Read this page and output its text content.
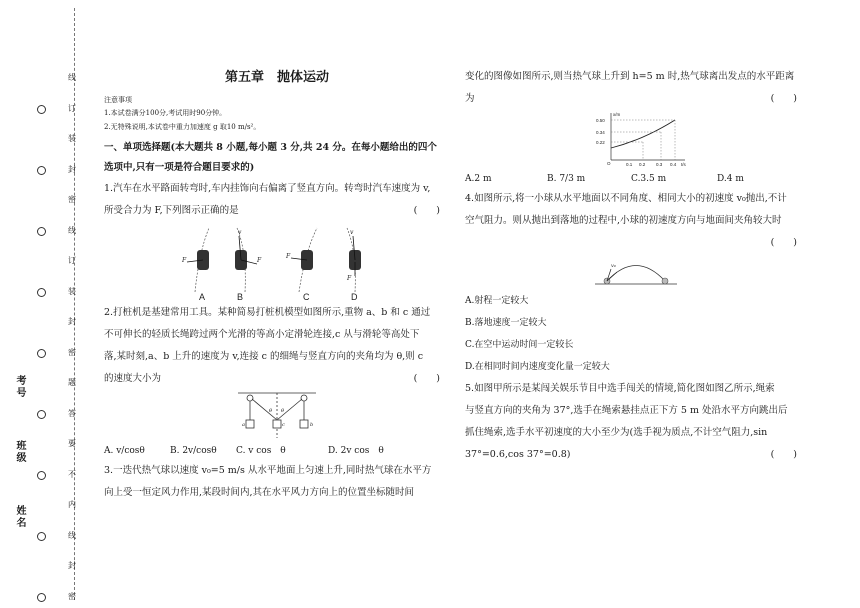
姓名
班级
考号
线
订
装
封
密
线
订
装
封
密
题
答
要
不
内
线
封
密
第五章　抛体运动
注意事项
1.本试卷满分100分,考试用时90分钟。
2.无特殊说明,本试卷中重力加速度 g 取10 m/s²。
一、单项选择题(本大题共 8 小题,每小题 3 分,共 24 分。在每小题给出的四个
选项中,只有一项是符合题目要求的)

1.汽车在水平路面转弯时,车内挂饰向右偏离了竖直方向。转弯时汽车速度为 v,

所受合力为 F,下列图示正确的是	(　　)

F
v
F
F
v
F
A	B	C	D

2.打桩机是基建常用工具。某种简易打桩机模型如图所示,重物 a、b 和 c 通过

不可伸长的轻质长绳跨过两个光滑的等高小定滑轮连接,c 从与滑轮等高处下

落,某时刻,a、b 上升的速度为 v,连接 c 的细绳与竖直方向的夹角均为 θ,则 c

的速度大小为	(　　)

a	b
c
θ θ
A. v/cosθ	B. 2v/cosθ	C. v cos　θ	D. 2v cos　θ

3.一迭代热气球以速度 v₀=5 m/s 从水平地面上匀速上升,同时热气球在水平方

向上受一恒定风力作用,某段时间内,其在水平风力方向上的位置坐标随时间

变化的图像如图所示,则当热气球上升到 h=5 m 时,热气球离出发点的水平距离

为	(　　)

x/m
0.50
0.34
0.22
O	0.1 0.2 0.3 0.4 t/s
A.2 m	B. 7/3 m	C.3.5 m	D.4 m

4.如图所示,将一小球从水平地面以不同角度、相同大小的初速度 v₀抛出,不计

空气阻力。则从抛出到落地的过程中,小球的初速度方向与地面间夹角较大时

(　　)

v₀
A.射程一定较大
B.落地速度一定较大
C.在空中运动时间一定较长
D.在相同时间内速度变化量一定较大

5.如图甲所示是某闯关娱乐节目中选手闯关的情境,简化图如图乙所示,绳索

与竖直方向的夹角为 37°,选手在绳索悬挂点正下方 5 m 处沿水平方向跳出后

抓住绳索,选手水平初速度的大小至少为(选手视为质点,不计空气阻力,sin

37°=0.6,cos 37°=0.8)	(　　)
